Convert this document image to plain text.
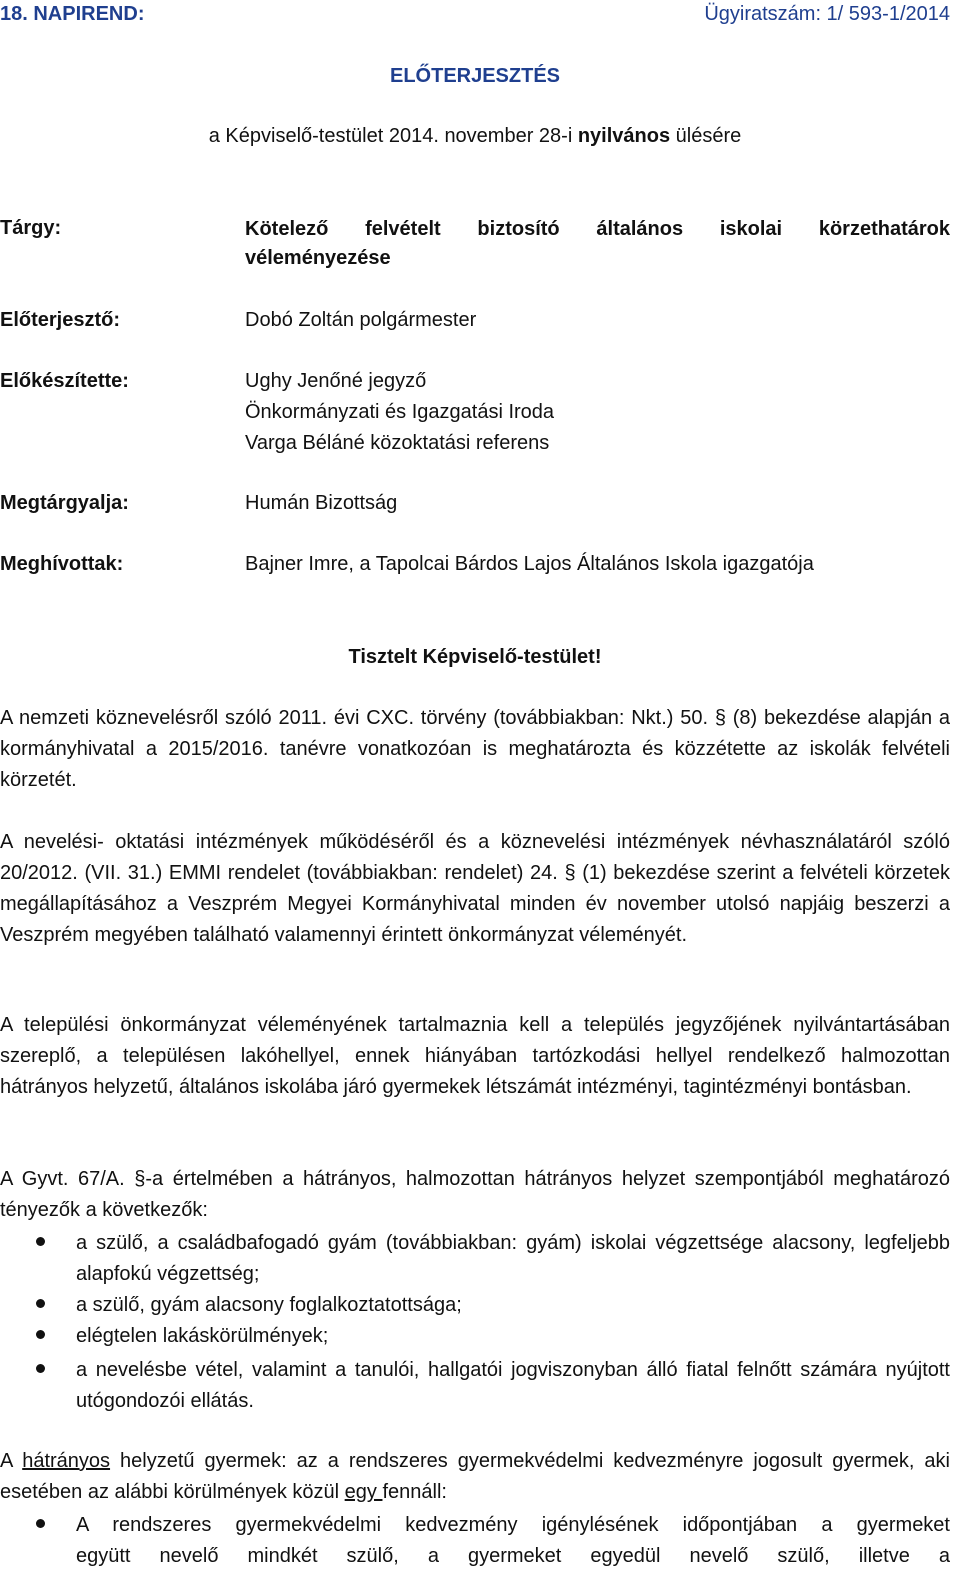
18. NAPIREND:	Ügyiratszám: 1/ 593-1/2014
ELŐTERJESZTÉS
a Képviselő-testület 2014. november 28-i nyilvános ülésére
Tárgy:	Kötelező felvételt biztosító általános iskolai körzethatárok
véleményezése
Előterjesztő:	Dobó Zoltán polgármester
Előkészítette:	Ughy Jenőné jegyző
Önkormányzati és Igazgatási Iroda
Varga Béláné közoktatási referens
Megtárgyalja:	Humán Bizottság
Meghívottak:	Bajner Imre, a Tapolcai Bárdos Lajos Általános Iskola igazgatója
Tisztelt Képviselő-testület!
A nemzeti köznevelésről szóló 2011. évi CXC. törvény (továbbiakban: Nkt.) 50. § (8) bekezdése alapján a kormányhivatal a 2015/2016. tanévre vonatkozóan is meghatározta és közzétette az iskolák felvételi körzetét.
A nevelési- oktatási intézmények működéséről és a köznevelési intézmények névhasználatáról szóló 20/2012. (VII. 31.) EMMI rendelet (továbbiakban: rendelet) 24. § (1) bekezdése szerint a felvételi körzetek megállapításához a Veszprém Megyei Kormányhivatal minden év november utolsó napjáig beszerzi a Veszprém megyében található valamennyi érintett önkormányzat véleményét.
A települési önkormányzat véleményének tartalmaznia kell a település jegyzőjének nyilvántartásában szereplő, a településen lakóhellyel, ennek hiányában tartózkodási hellyel rendelkező halmozottan hátrányos helyzetű, általános iskolába járó gyermekek létszámát intézményi, tagintézményi bontásban.
A Gyvt. 67/A. §-a értelmében a hátrányos, halmozottan hátrányos helyzet szempontjából meghatározó tényezők a következők:
a szülő, a családbafogadó gyám (továbbiakban: gyám) iskolai végzettsége alacsony, legfeljebb alapfokú végzettség;
a szülő, gyám alacsony foglalkoztatottsága;
elégtelen lakáskörülmények;
a nevelésbe vétel, valamint a tanulói, hallgatói jogviszonyban álló fiatal felnőtt számára nyújtott utógondozói ellátás.
A hátrányos helyzetű gyermek: az a rendszeres gyermekvédelmi kedvezményre jogosult gyermek, aki esetében az alábbi körülmények közül egy fennáll:
A rendszeres gyermekvédelmi kedvezmény igénylésének időpontjában a gyermeket
együtt nevelő mindkét szülő, a gyermeket egyedül nevelő szülő, illetve a
